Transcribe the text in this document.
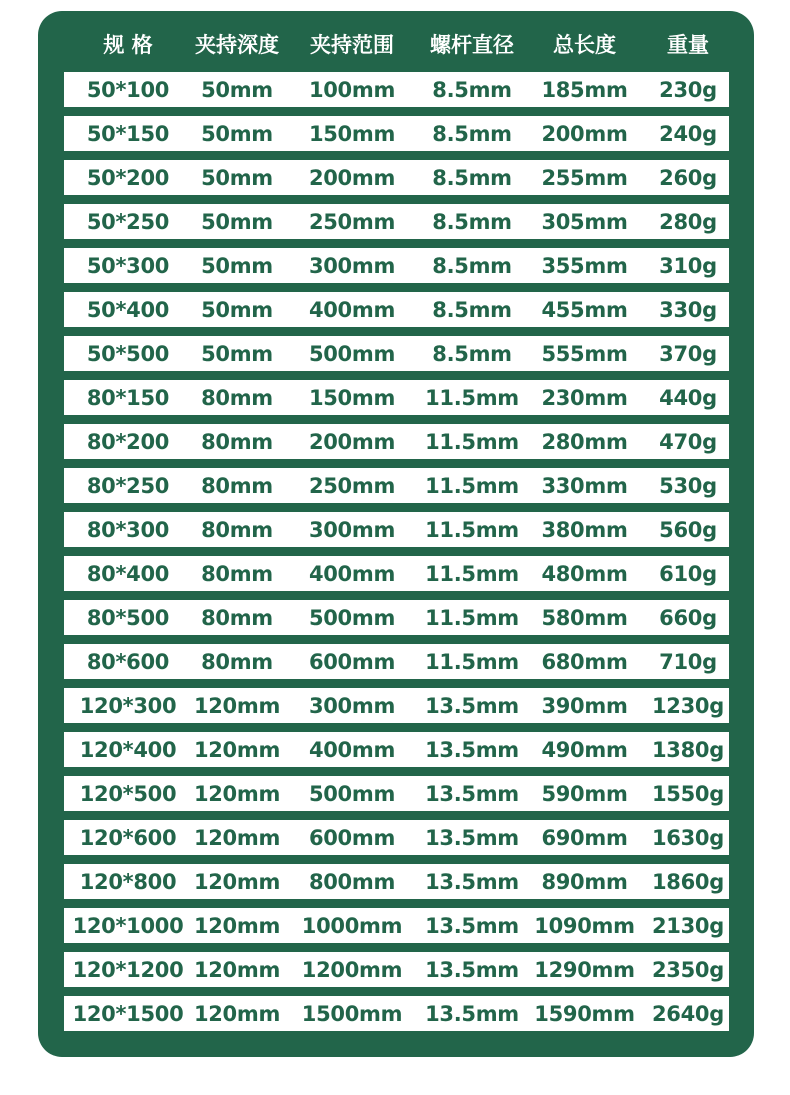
规 格	夹持深度	夹持范围	螺杆直径	总长度	重量
50*100	50mm	100mm	8.5mm	185mm	230g
50*150	50mm	150mm	8.5mm	200mm	240g
50*200	50mm	200mm	8.5mm	255mm	260g
50*250	50mm	250mm	8.5mm	305mm	280g
50*300	50mm	300mm	8.5mm	355mm	310g
50*400	50mm	400mm	8.5mm	455mm	330g
50*500	50mm	500mm	8.5mm	555mm	370g
80*150	80mm	150mm	11.5mm	230mm	440g
80*200	80mm	200mm	11.5mm	280mm	470g
80*250	80mm	250mm	11.5mm	330mm	530g
80*300	80mm	300mm	11.5mm	380mm	560g
80*400	80mm	400mm	11.5mm	480mm	610g
80*500	80mm	500mm	11.5mm	580mm	660g
80*600	80mm	600mm	11.5mm	680mm	710g
120*300 120mm	300mm	13.5mm	390mm	1230g
120*400 120mm	400mm	13.5mm	490mm	1380g
120*500 120mm	500mm	13.5mm	590mm	1550g
120*600 120mm	600mm	13.5mm	690mm	1630g
120*800 120mm	800mm	13.5mm	890mm	1860g
120*1000 120mm	1000mm	13.5mm 1090mm 2130g
120*1200 120mm	1200mm	13.5mm 1290mm 2350g
120*1500 120mm	1500mm	13.5mm 1590mm 2640g
